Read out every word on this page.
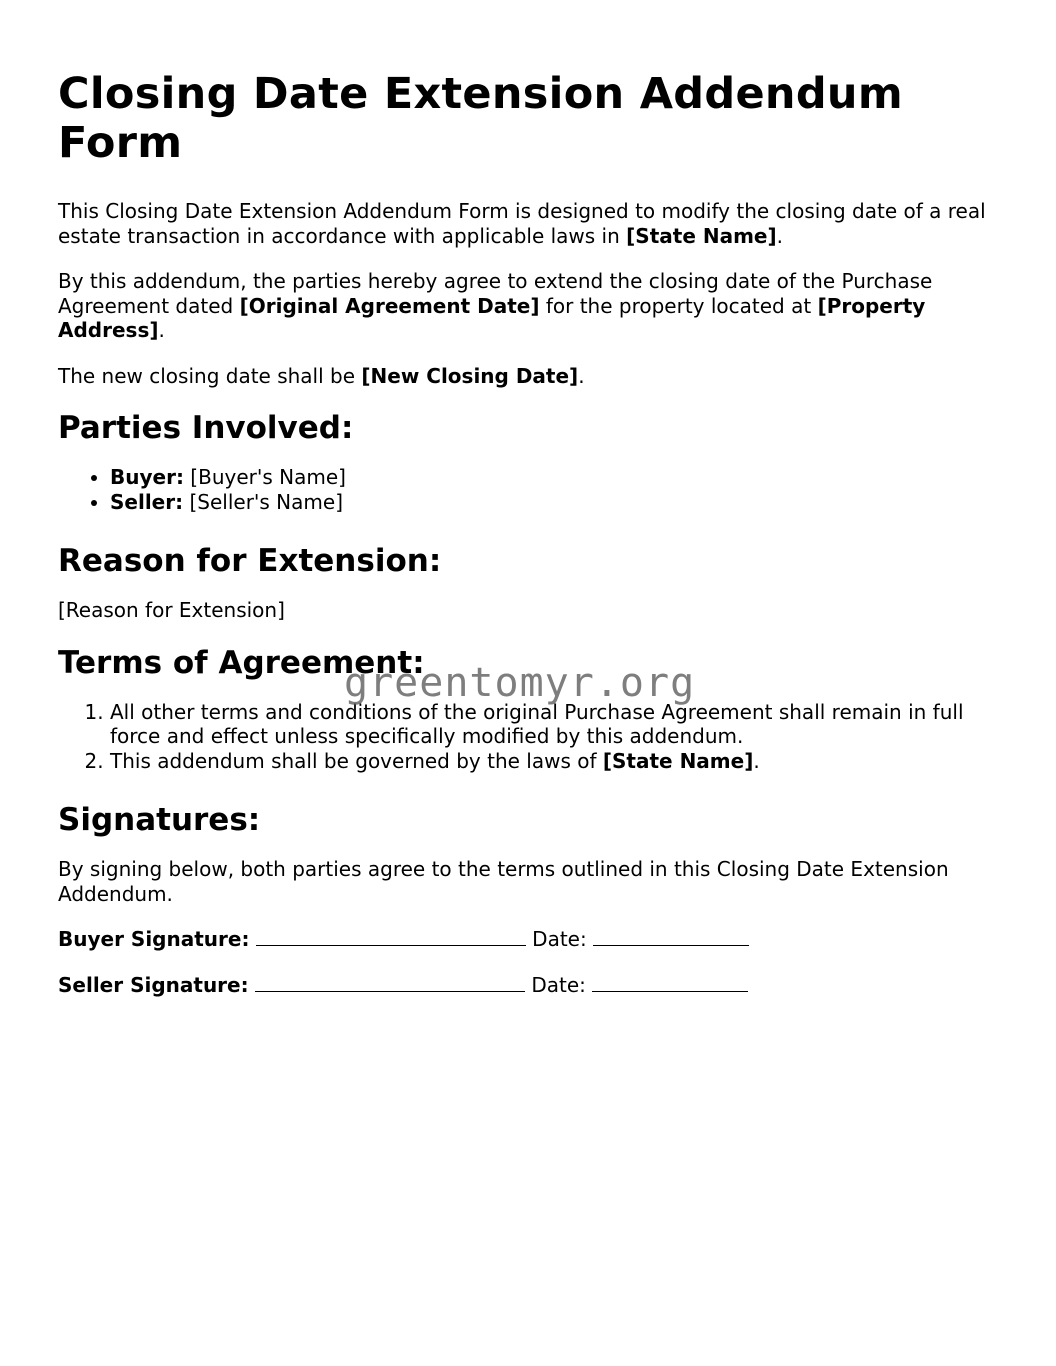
Closing Date Extension Addendum Form

This Closing Date Extension Addendum Form is designed to modify the closing date of a real estate transaction in accordance with applicable laws in [State Name].

By this addendum, the parties hereby agree to extend the closing date of the Purchase Agreement dated [Original Agreement Date] for the property located at [Property Address].

The new closing date shall be [New Closing Date].

Parties Involved:
• Buyer: [Buyer's Name]
• Seller: [Seller's Name]
Reason for Extension:

[Reason for Extension]

Terms of Agreement:
1. All other terms and conditions of the original Purchase Agreement shall remain in full force and effect unless specifically modified by this addendum.
2. This addendum shall be governed by the laws of [State Name].
Signatures:

By signing below, both parties agree to the terms outlined in this Closing Date Extension Addendum.

Buyer Signature:	Date:
Seller Signature:	Date:
greentomyr.org
